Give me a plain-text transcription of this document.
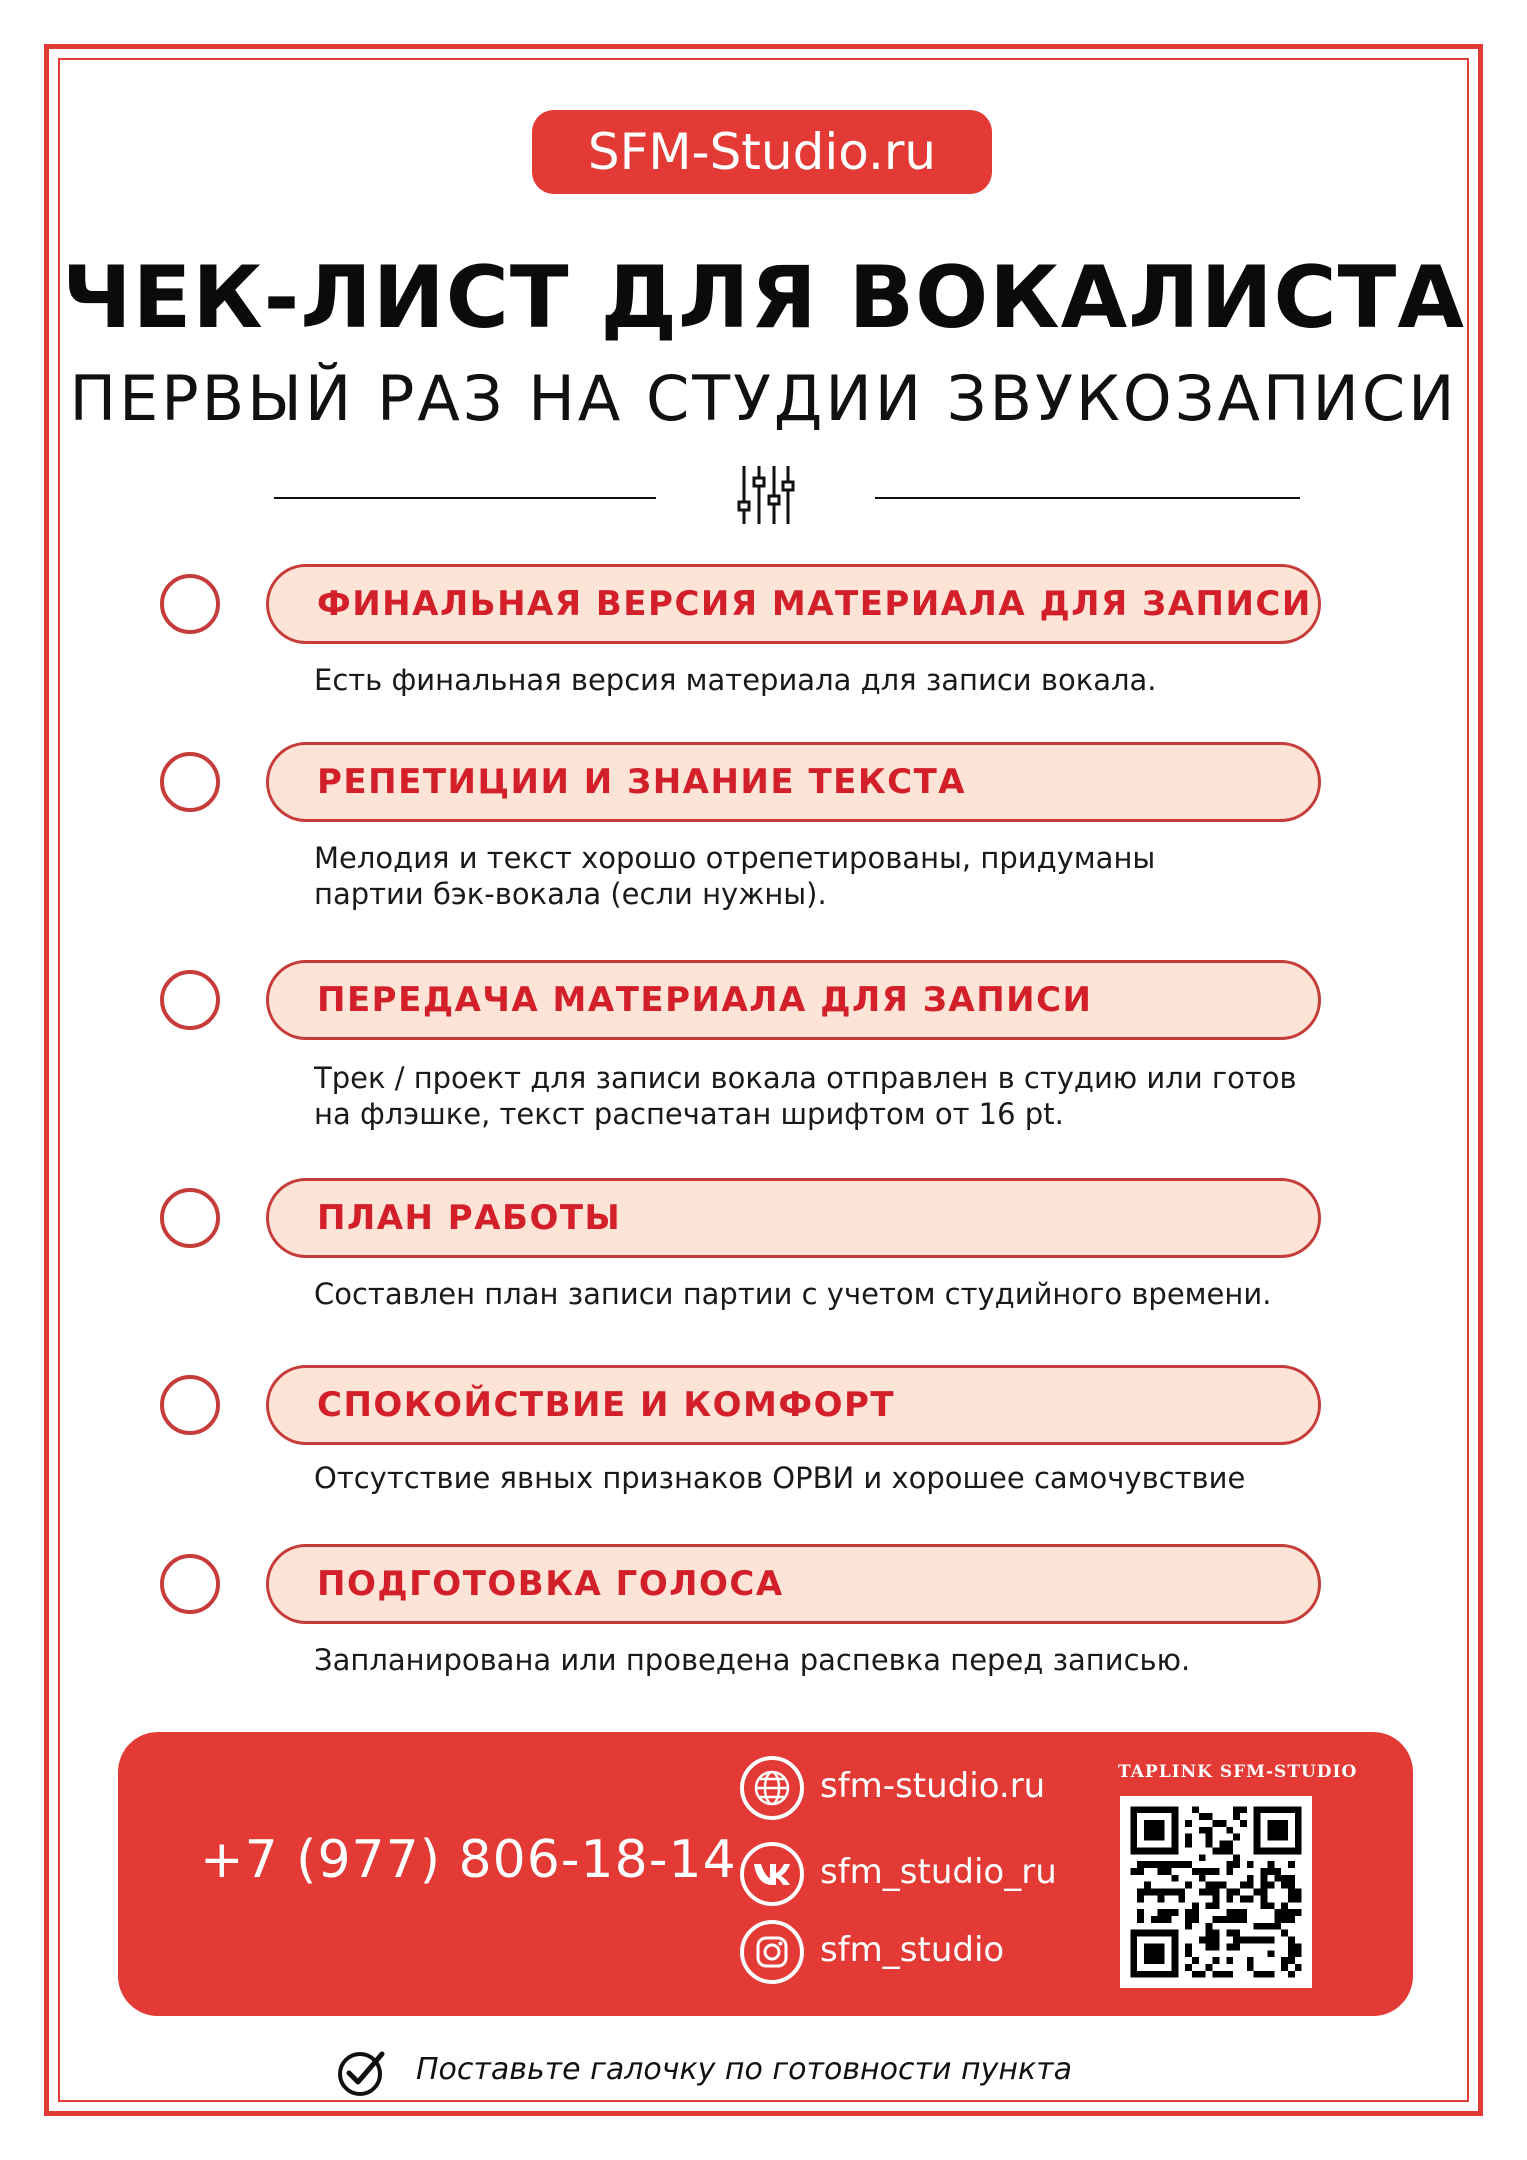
SFM-Studio.ru
ЧЕК-ЛИСТ ДЛЯ ВОКАЛИСТА
ПЕРВЫЙ РАЗ НА СТУДИИ ЗВУКОЗАПИСИ
ФИНАЛЬНАЯ ВЕРСИЯ МАТЕРИАЛА ДЛЯ ЗАПИСИ
Есть финальная версия материала для записи вокала.
РЕПЕТИЦИИ И ЗНАНИЕ ТЕКСТА
Мелодия и текст хорошо отрепетированы, придуманы
партии бэк-вокала (если нужны).
ПЕРЕДАЧА МАТЕРИАЛА ДЛЯ ЗАПИСИ
Трек / проект для записи вокала отправлен в студию или готов
на флэшке, текст распечатан шрифтом от 16 pt.
ПЛАН РАБОТЫ
Составлен план записи партии с учетом студийного времени.
СПОКОЙСТВИЕ И КОМФОРТ
Отсутствие явных признаков ОРВИ и хорошее самочувствие
ПОДГОТОВКА ГОЛОСА
Запланирована или проведена распевка перед записью.
+7 (977) 806-18-14
sfm-studio.ru
sfm_studio_ru
sfm_studio
TAPLINK SFM-STUDIO
Поставьте галочку по готовности пункта
